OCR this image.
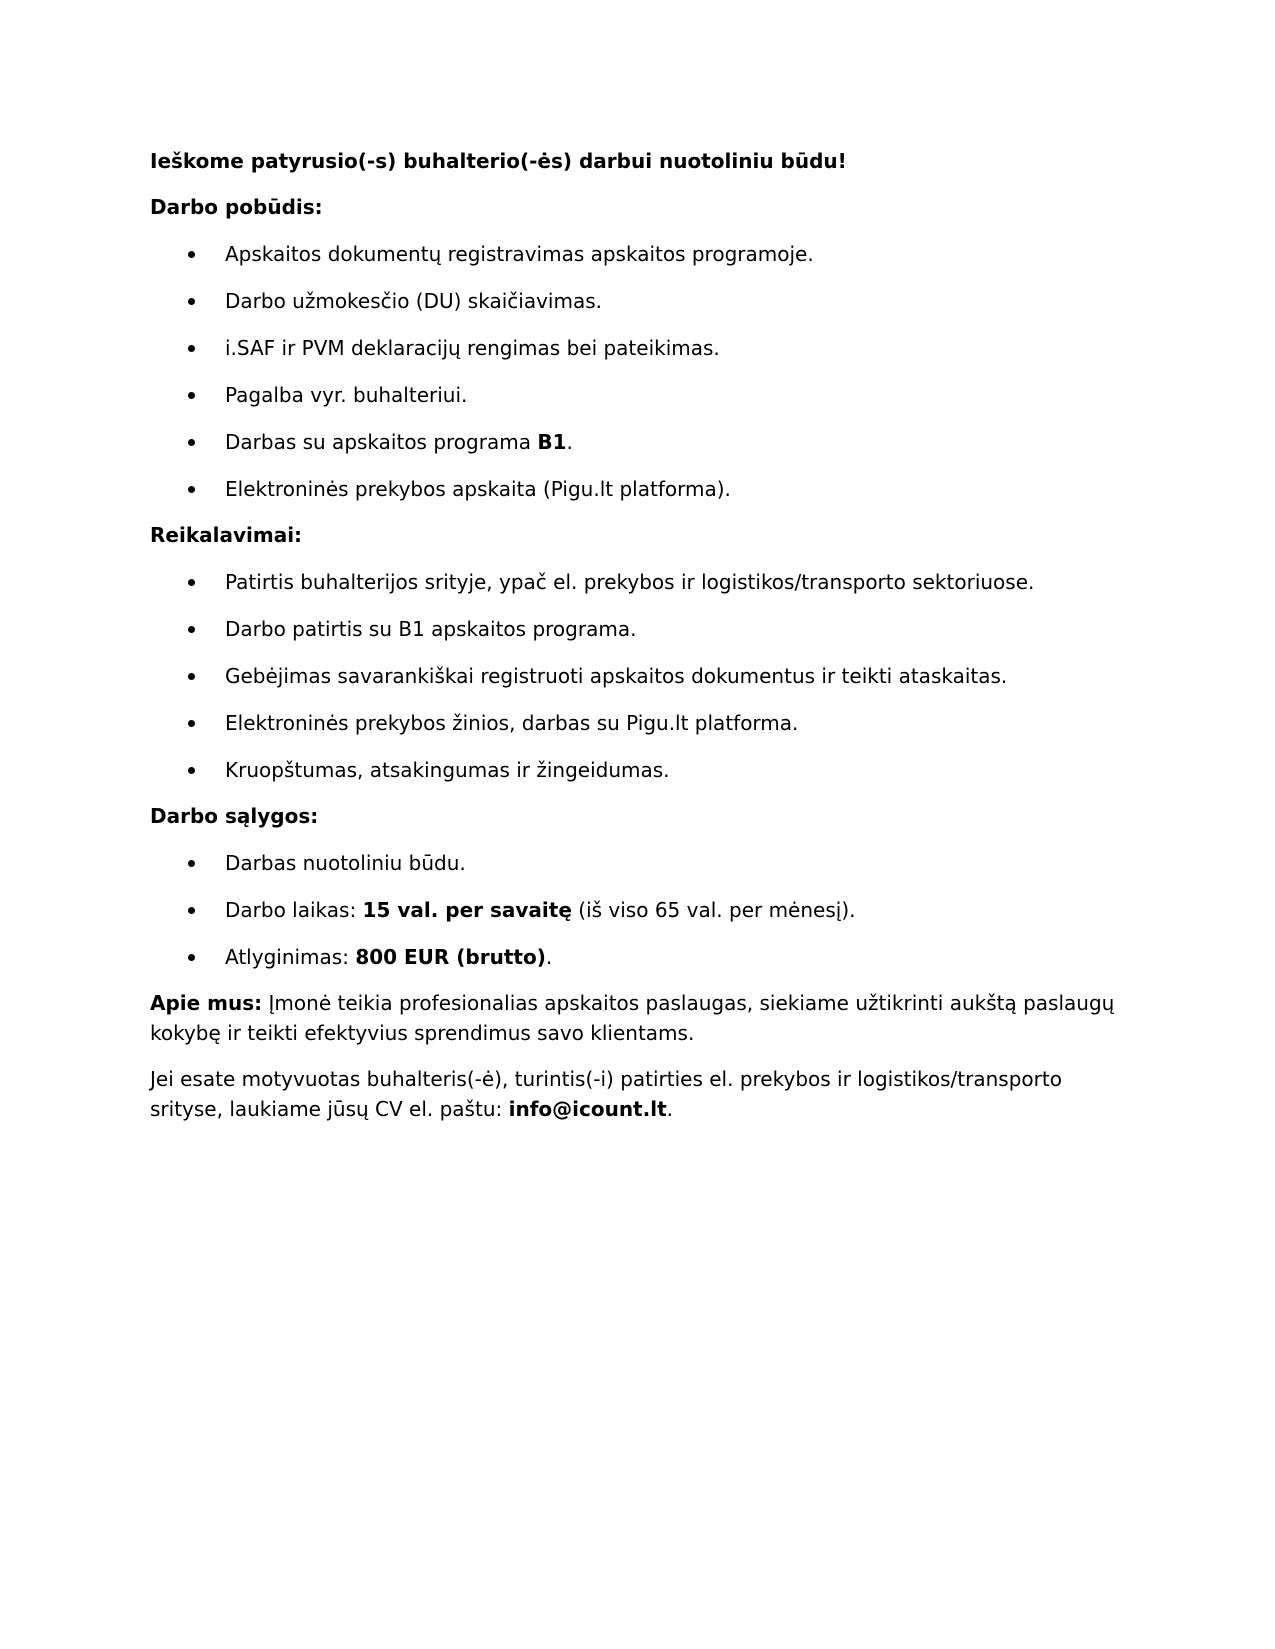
Ieškome patyrusio(-s) buhalterio(-ės) darbui nuotoliniu būdu!

Darbo pobūdis:

Apskaitos dokumentų registravimas apskaitos programoje.
Darbo užmokesčio (DU) skaičiavimas.
i.SAF ir PVM deklaracijų rengimas bei pateikimas.
Pagalba vyr. buhalteriui.
Darbas su apskaitos programa B1.
Elektroninės prekybos apskaita (Pigu.lt platforma).

Reikalavimai:

Patirtis buhalterijos srityje, ypač el. prekybos ir logistikos/transporto sektoriuose.
Darbo patirtis su B1 apskaitos programa.
Gebėjimas savarankiškai registruoti apskaitos dokumentus ir teikti ataskaitas.
Elektroninės prekybos žinios, darbas su Pigu.lt platforma.
Kruopštumas, atsakingumas ir žingeidumas.

Darbo sąlygos:

Darbas nuotoliniu būdu.
Darbo laikas: 15 val. per savaitę (iš viso 65 val. per mėnesį).
Atlyginimas: 800 EUR (brutto).

Apie mus: Įmonė teikia profesionalias apskaitos paslaugas, siekiame užtikrinti aukštą paslaugų kokybę ir teikti efektyvius sprendimus savo klientams.

Jei esate motyvuotas buhalteris(-ė), turintis(-i) patirties el. prekybos ir logistikos/transporto srityse, laukiame jūsų CV el. paštu: info@icount.lt.
